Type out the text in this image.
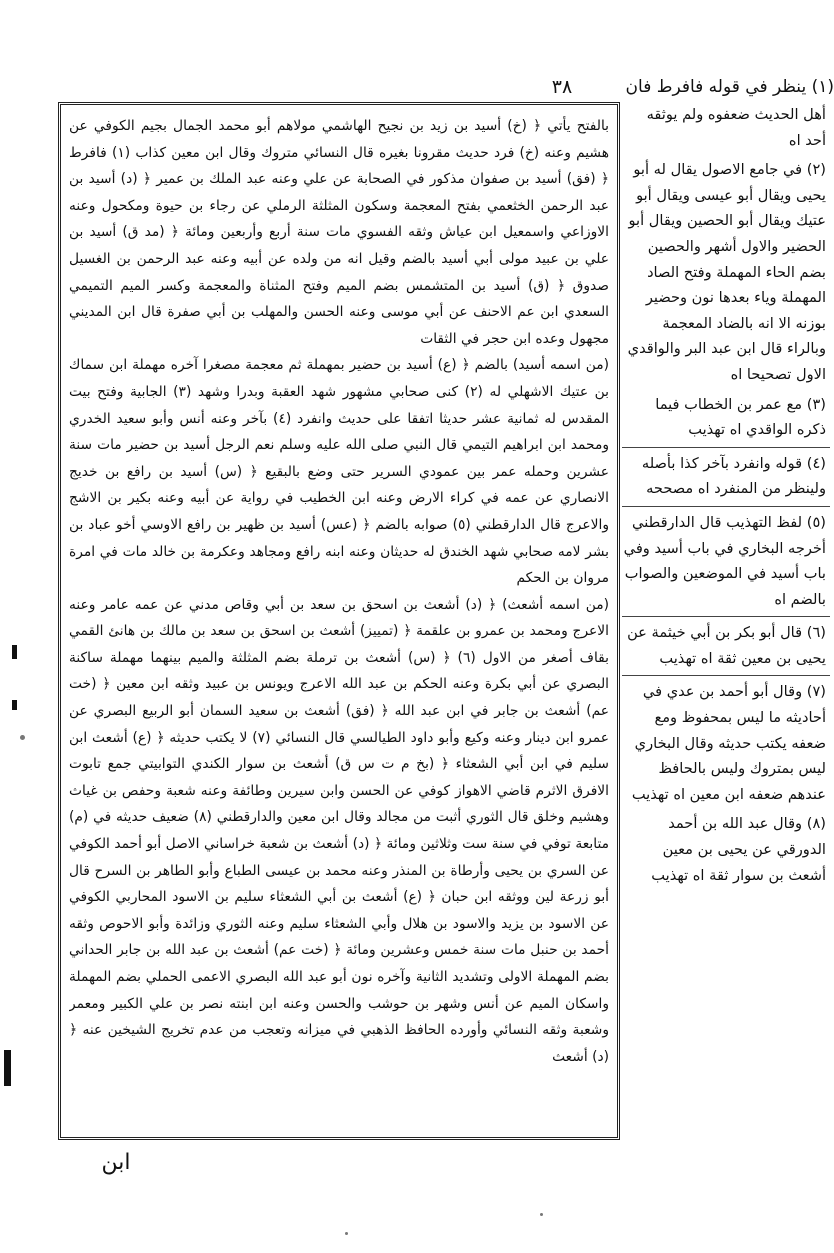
(١) ينظر في قوله فافرط فان
٣٨

بالفتح يأتي ﴿ (خ) أسيد بن زيد بن نجيح الهاشمي مولاهم أبو محمد الجمال بجيم الكوفي عن هشيم وعنه (خ) فرد حديث مقرونا بغيره قال النسائي متروك وقال ابن معين كذاب (١) فافرط ﴿ (فق) أسيد بن صفوان مذكور في الصحابة عن علي وعنه عبد الملك بن عمير ﴿ (د) أسيد بن عبد الرحمن الخثعمي بفتح المعجمة وسكون المثلثة الرملي عن رجاء بن حيوة ومكحول وعنه الاوزاعي واسمعيل ابن عياش وثقه الفسوي مات سنة أربع وأربعين ومائة ﴿ (مد ق) أسيد بن علي بن عبيد مولى أبي أسيد بالضم وقيل انه من ولده عن أبيه وعنه عبد الرحمن بن الغسيل صدوق ﴿ (ق) أسيد بن المتشمس بضم الميم وفتح المثناة والمعجمة وكسر الميم التميمي السعدي ابن عم الاحنف عن أبي موسى وعنه الحسن والمهلب بن أبي صفرة قال ابن المديني مجهول وعده ابن حجر في الثقات

(من اسمه أسيد) بالضم ﴿ (ع) أسيد بن حضير بمهملة ثم معجمة مصغرا آخره مهملة ابن سماك بن عتيك الاشهلي له (٢) كنى صحابي مشهور شهد العقبة وبدرا وشهد (٣) الجابية وفتح بيت المقدس له ثمانية عشر حديثا اتفقا على حديث وانفرد (٤) بآخر وعنه أنس وأبو سعيد الخدري ومحمد ابن ابراهيم التيمي قال النبي صلى الله عليه وسلم نعم الرجل أسيد بن حضير مات سنة عشرين وحمله عمر بين عمودي السرير حتى وضع بالبقيع ﴿ (س) أسيد بن رافع بن خديج الانصاري عن عمه في كراء الارض وعنه ابن الخطيب في رواية عن أبيه وعنه بكير بن الاشج والاعرج قال الدارقطني (٥) صوابه بالضم ﴿ (عس) أسيد بن ظهير بن رافع الاوسي أخو عباد بن بشر لامه صحابي شهد الخندق له حديثان وعنه ابنه رافع ومجاهد وعكرمة بن خالد مات في امرة مروان بن الحكم

(من اسمه أشعث) ﴿ (د) أشعث بن اسحق بن سعد بن أبي وقاص مدني عن عمه عامر وعنه الاعرج ومحمد بن عمرو بن علقمة ﴿ (تمييز) أشعث بن اسحق بن سعد بن مالك بن هانئ القمي بقاف أصغر من الاول (٦) ﴿ (س) أشعث بن ترملة بضم المثلثة والميم بينهما مهملة ساكنة البصري عن أبي بكرة وعنه الحكم بن عبد الله الاعرج ويونس بن عبيد وثقه ابن معين ﴿ (خت عم) أشعث بن جابر في ابن عبد الله ﴿ (فق) أشعث بن سعيد السمان أبو الربيع البصري عن عمرو ابن دينار وعنه وكيع وأبو داود الطيالسي قال النسائي (٧) لا يكتب حديثه ﴿ (ع) أشعث ابن سليم في ابن أبي الشعثاء ﴿ (بخ م ت س ق) أشعث بن سوار الكندي التوابيتي جمع تابوت الافرق الاثرم قاضي الاهواز كوفي عن الحسن وابن سيرين وطائفة وعنه شعبة وحفص بن غياث وهشيم وخلق قال الثوري أثبت من مجالد وقال ابن معين والدارقطني (٨) ضعيف حديثه في (م) متابعة توفي في سنة ست وثلاثين ومائة ﴿ (د) أشعث بن شعبة خراساني الاصل أبو أحمد الكوفي عن السري بن يحيى وأرطاة بن المنذر وعنه محمد بن عيسى الطباع وأبو الطاهر بن السرح قال أبو زرعة لين ووثقه ابن حبان ﴿ (ع) أشعث بن أبي الشعثاء سليم بن الاسود المحاربي الكوفي عن الاسود بن يزيد والاسود بن هلال وأبي الشعثاء سليم وعنه الثوري وزائدة وأبو الاحوص وثقه أحمد بن حنبل مات سنة خمس وعشرين ومائة ﴿ (خت عم) أشعث بن عبد الله بن جابر الحداني بضم المهملة الاولى وتشديد الثانية وآخره نون أبو عبد الله البصري الاعمى الحملي بضم المهملة واسكان الميم عن أنس وشهر بن حوشب والحسن وعنه ابن ابنته نصر بن علي الكبير ومعمر وشعبة وثقه النسائي وأورده الحافظ الذهبي في ميزانه وتعجب من عدم تخريج الشيخين عنه ﴿ (د) أشعث

أهل الحديث ضعفوه ولم يوثقه أحد اه

(٢) في جامع الاصول يقال له أبو يحيى ويقال أبو عيسى ويقال أبو عتيك ويقال أبو الحصين ويقال أبو الحضير والاول أشهر والحصين بضم الحاء المهملة وفتح الصاد المهملة وياء بعدها نون وحضير بوزنه الا انه بالضاد المعجمة وبالراء قال ابن عبد البر والواقدي الاول تصحيحا اه

(٣) مع عمر بن الخطاب فيما ذكره الواقدي اه تهذيب

(٤) قوله وانفرد بآخر كذا بأصله ولينظر من المنفرد اه مصححه

(٥) لفظ التهذيب قال الدارقطني أخرجه البخاري في باب أسيد وفي باب أسيد في الموضعين والصواب بالضم اه

(٦) قال أبو بكر بن أبي خيثمة عن يحيى بن معين ثقة اه تهذيب

(٧) وقال أبو أحمد بن عدي في أحاديثه ما ليس بمحفوظ ومع ضعفه يكتب حديثه وقال البخاري ليس بمتروك وليس بالحافظ عندهم ضعفه ابن معين اه تهذيب

(٨) وقال عبد الله بن أحمد الدورقي عن يحيى بن معين أشعث بن سوار ثقة اه تهذيب

ابن
